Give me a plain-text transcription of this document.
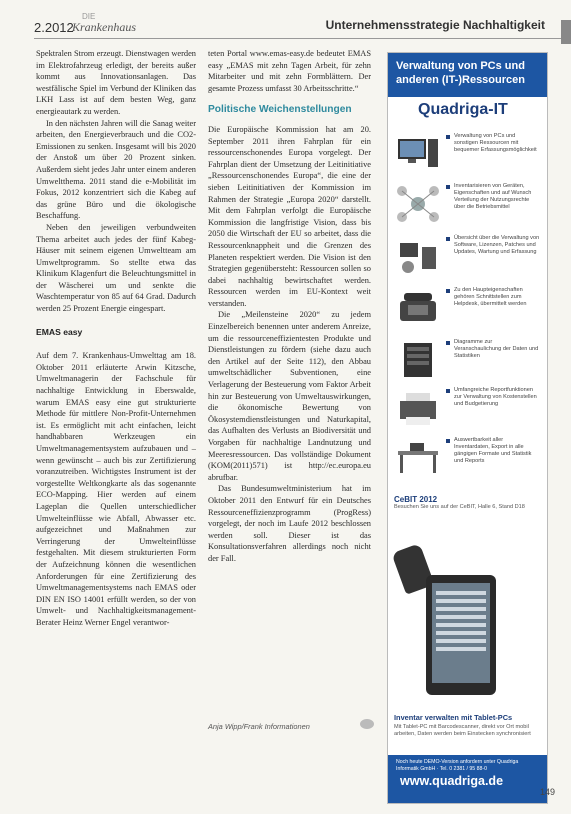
2.2012
DIE
Krankenhaus	Unternehmensstrategie Nachhaltigkeit

Spektralen Strom erzeugt. Dienstwagen werden im Elektrofahrzeug erledigt, der bereits außer kommt aus Innovationsanlagen. Das westfälische Spiel im Verbund der Kliniken das LKH Lass ist auf dem besten Weg, ganz energieautark zu werden.

In den nächsten Jahren will die Sanag weiter arbeiten, den Energieverbrauch und die CO2-Emissionen zu senken. Insgesamt will bis 2020 der Anstoß um über 20 Prozent sinken. Außerdem sieht jedes Jahr unter einem anderen Umweltthema. 2011 stand die e-Mobilität im Fokus, 2012 konzentriert sich die Kabeg auf das grüne Büro und die ökologische Beschaffung.

Neben den jeweiligen verbundweiten Thema arbeitet auch jedes der fünf Kabeg-Häuser mit seinem eigenen Umweltteam am Umweltprogramm. So stellte etwa das Klinikum Klagenfurt die Beleuchtungsmittel in der Wäscherei um und senkte die Waschtemperatur von 85 auf 64 Grad. Dadurch werden 25 Prozent Energie eingespart.

EMAS easy

Auf dem 7. Krankenhaus-Umwelttag am 18. Oktober 2011 erläuterte Arwin Kitzsche, Umweltmanagerin der Fachschule für nachhaltige Entwicklung in Eberswalde, warum EMAS easy eine gut strukturierte Methode für mittlere Non-Profit-Unternehmen ist. Es ermöglicht mit acht einfachen, leicht handhabbaren Werkzeugen ein Umweltmanagementsystem aufzubauen und – wenn gewünscht – auch bis zur Zertifizierung voranzutreiben. Wichtigstes Instrument ist der vorgestellte Weltkongkarte als das sogenannte ECO-Mapping. Hier werden auf einem Lageplan die Quellen unterschiedlicher Umwelteinflüsse wie Abfall, Abwasser etc. aufgezeichnet und Maßnahmen zur Verringerung der Umwelteinflüsse festgehalten. Mit diesem strukturierten Form der Aufzeichnung können die wesentlichen Anforderungen für eine Zertifizierung des Umweltmanagementsystems nach EMAS oder DIN EN ISO 14001 erfüllt werden, so der von Umwelt- und Nachhaltigkeitsmanagement-Berater Heinz Werner Engel verantwor-

teten Portal www.emas-easy.de bedeutet EMAS easy „EMAS mit zehn Tagen Arbeit, für zehn Mitarbeiter und mit zehn Formblättern. Der gesamte Prozess umfasst 30 Arbeitsschritte.“

Politische Weichenstellungen

Die Europäische Kommission hat am 20. September 2011 ihren Fahrplan für ein ressourcenschonendes Europa vorgelegt. Der Fahrplan dient der Umsetzung der Leitinitiative „Ressourcenschonendes Europa“, die eine der sieben Leitinitiativen der Kommission im Rahmen der Strategie „Europa 2020“ darstellt. Mit dem Fahrplan verfolgt die Europäische Kommission die langfristige Vision, dass bis 2050 die Wirtschaft der EU so arbeitet, dass die Ressourcenknappheit und die Grenzen des Planeten respektiert werden. Die Vision ist den Strategien gegenübersteht: Ressourcen sollen so dabei nachhaltig bewirtschaftet werden. Ressourcen werden im EU-Kontext weit verstanden.

Die „Meilensteine 2020“ zu jedem Einzelbereich benennen unter anderem Anreize, um die ressourceneffizientesten Produkte und Dienstleistungen zu fördern (siehe dazu auch den Artikel auf der Seite 112), den Abbau umweltschädlicher Subventionen, eine Verlagerung der Besteuerung vom Faktor Arbeit hin zur Besteuerung von Umweltauswirkungen, die ökonomische Bewertung von Ökosystemdienstleistungen und Naturkapital, das Aufhalten des Verlusts an Biodiversität und Vorgaben für nachhaltige Landnutzung und Meeresressourcen. Das vollständige Dokument (KOM(2011)571) ist http://ec.europa.eu abrufbar.

Das Bundesumweltministerium hat im Oktober 2011 den Entwurf für ein Deutsches Ressourceneffizienzprogramm (ProgRess) vorgelegt, der noch im Laufe 2012 beschlossen werden soll. Dieser ist das Konsultationsverfahren allerdings noch nicht der Fall.

Anja Wipp/Frank Informationen
Verwaltung von PCs und anderen (IT-)Ressourcen
Quadriga-IT
Verwaltung von PCs und sonstigen Ressourcen mit bequemer Erfassungsmöglichkeit
Inventarisieren von Geräten, Eigenschaften und auf Wunsch Verteilung der Nutzungsrechte über die Betriebsmittel
Übersicht über die Verwaltung von Software, Lizenzen, Patches und Updates, Wartung und Erfassung
Zu den Haupteigenschaften gehören Schnittstellen zum Helpdesk, übermittelt werden
Diagramme zur Veranschaulichung der Daten und Statistiken
Umfangreiche Reportfunktionen zur Verwaltung von Kostenstellen und Budgetierung
Auswertbarkeit aller Inventardaten, Export in alle gängigen Formate und Statistik und Reports
CeBIT 2012
Besuchen Sie uns auf der CeBIT, Halle 6, Stand D18
Inventar verwalten mit Tablet-PCs
Mit Tablet-PC mit Barcodescanner, direkt vor Ort mobil arbeiten, Daten werden beim Einstecken synchronisiert
Noch heute DEMO-Version anfordern unter Quadriga Informatik GmbH · Tel. 0 2381 / 95 88-0
www.quadriga.de
149
